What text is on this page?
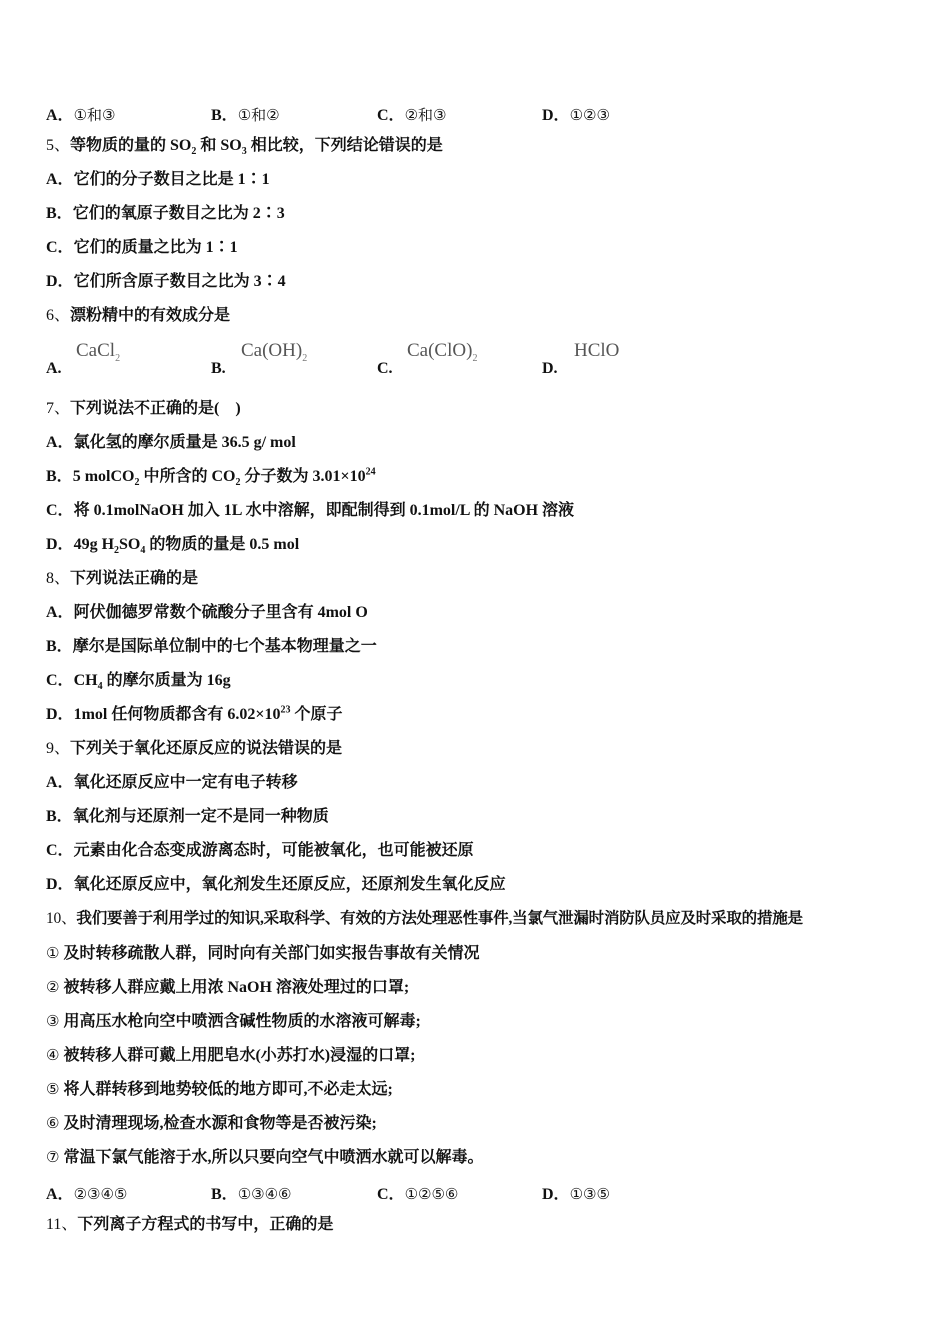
A．①和③	B．①和②	C．②和③	D．①②③
5、等物质的量的 $SO_2$ 和 $SO_3$ 相比较，下列结论错误的是
A．它们的分子数目之比是 1∶1
B．它们的氧原子数目之比为 2∶3
C．它们的质量之比为 1∶1
D．它们所含原子数目之比为 3∶4
6、漂粉精中的有效成分是
A.
CaCl$_2$
B.
$Ca(OH)_2$
C.
$Ca(ClO)_2$
D.
HClO
7、下列说法不正确的是(　)
A．氯化氢的摩尔质量是 36.5 g/ mol
B．5 molCO$_2$ 中所含的 $CO_2$ 分子数为 $3.01\times 10^{24}$
C．将 0.1molNaOH 加入 1L 水中溶解，即配制得到 0.1mol/L 的 NaOH 溶液
D．49g $H_2SO_4$ 的物质的量是 0.5 mol
8、下列说法正确的是
A．阿伏伽德罗常数个硫酸分子里含有 4mol O
B．摩尔是国际单位制中的七个基本物理量之一
C．$CH_4$ 的摩尔质量为 16g
D．1mol 任何物质都含有 $6.02\times 10^{23}$ 个原子
9、下列关于氧化还原反应的说法错误的是
A．氧化还原反应中一定有电子转移
B．氧化剂与还原剂一定不是同一种物质
C．元素由化合态变成游离态时，可能被氧化，也可能被还原
D．氧化还原反应中，氧化剂发生还原反应，还原剂发生氧化反应
10、我们要善于利用学过的知识,采取科学、有效的方法处理恶性事件,当氯气泄漏时消防队员应及时采取的措施是
① 及时转移疏散人群，同时向有关部门如实报告事故有关情况
② 被转移人群应戴上用浓 NaOH 溶液处理过的口罩;
③ 用高压水枪向空中喷洒含碱性物质的水溶液可解毒;
④ 被转移人群可戴上用肥皂水(小苏打水)浸湿的口罩;
⑤ 将人群转移到地势较低的地方即可,不必走太远;
⑥ 及时清理现场,检查水源和食物等是否被污染;
⑦ 常温下氯气能溶于水,所以只要向空气中喷洒水就可以解毒。
A．②③④⑤	B．①③④⑥	C．①②⑤⑥	D．①③⑤
11、下列离子方程式的书写中，正确的是
